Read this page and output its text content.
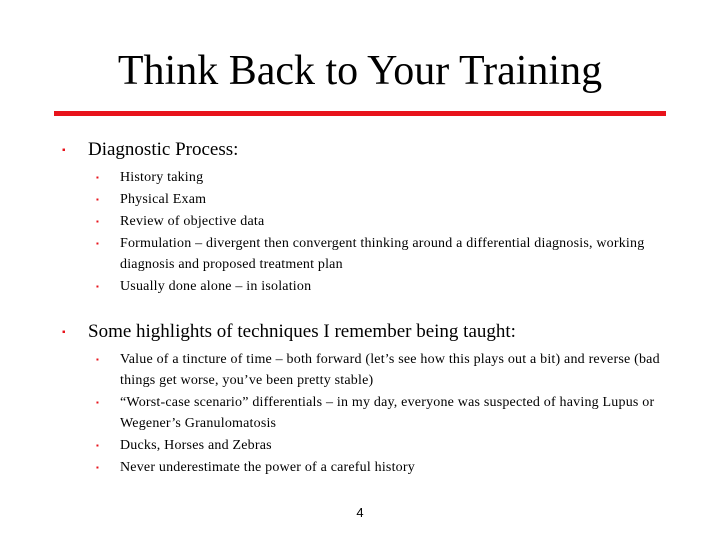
Think Back to Your Training
▪	Diagnostic Process:
▪	History taking
▪	Physical Exam
▪	Review of objective data
▪	Formulation – divergent then convergent thinking around a differential diagnosis, working diagnosis and proposed treatment plan
▪	Usually done alone – in isolation
▪	Some highlights of techniques I remember being taught:
▪	Value of a tincture of time – both forward (let’s see how this plays out a bit) and reverse (bad things get worse, you’ve been pretty stable)
▪	“Worst-case scenario” differentials – in my day, everyone was suspected of having Lupus or Wegener’s Granulomatosis
▪	Ducks, Horses and Zebras
▪	Never underestimate the power of a careful history
4
